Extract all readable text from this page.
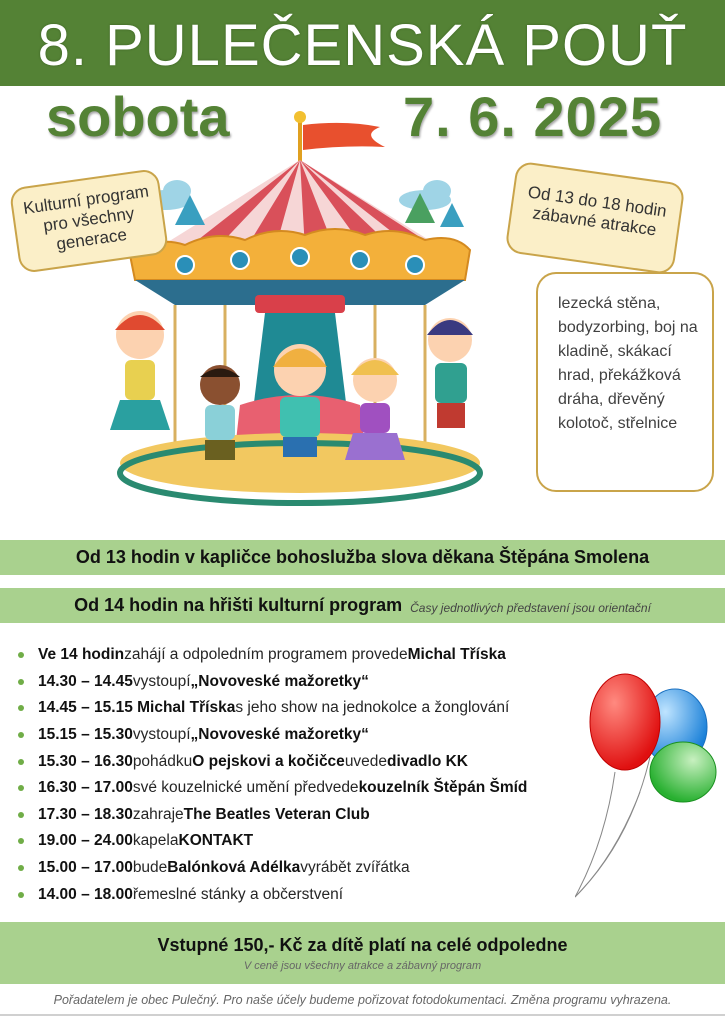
8. PULEČENSKÁ POUŤ
sobota	7. 6. 2025
Kulturní program pro všechny generace
Od 13 do 18 hodin zábavné atrakce
lezecká stěna, bodyzorbing, boj na kladině, skákací hrad, překážková dráha, dřevěný kolotoč, střelnice
Od 13 hodin v kapličce bohoslužba slova děkana Štěpána Smolena
Od 14 hodin na hřišti kulturní program Časy jednotlivých představení jsou orientační
Ve 14 hodin zahájí a odpoledním programem provede Michal Tříska
14.30 – 14.45 vystoupí „Novoveské mažoretky“
14.45 – 15.15 Michal Tříska s jeho show na jednokolce a žonglování
15.15 – 15.30 vystoupí „Novoveské mažoretky“
15.30 – 16.30 pohádku O pejskovi a kočičce uvede divadlo KK
16.30 – 17.00 své kouzelnické umění předvede kouzelník Štěpán Šmíd
17.30 – 18.30 zahraje The Beatles Veteran Club
19.00 – 24.00 kapela KONTAKT
15.00 – 17.00 bude Balónková Adélka vyrábět zvířátka
14.00 – 18.00 řemeslné stánky a občerstvení
Vstupné 150,- Kč za dítě platí na celé odpoledne
V ceně jsou všechny atrakce a zábavný program
Pořadatelem je obec Pulečný. Pro naše účely budeme pořizovat fotodokumentaci. Změna programu vyhrazena.
